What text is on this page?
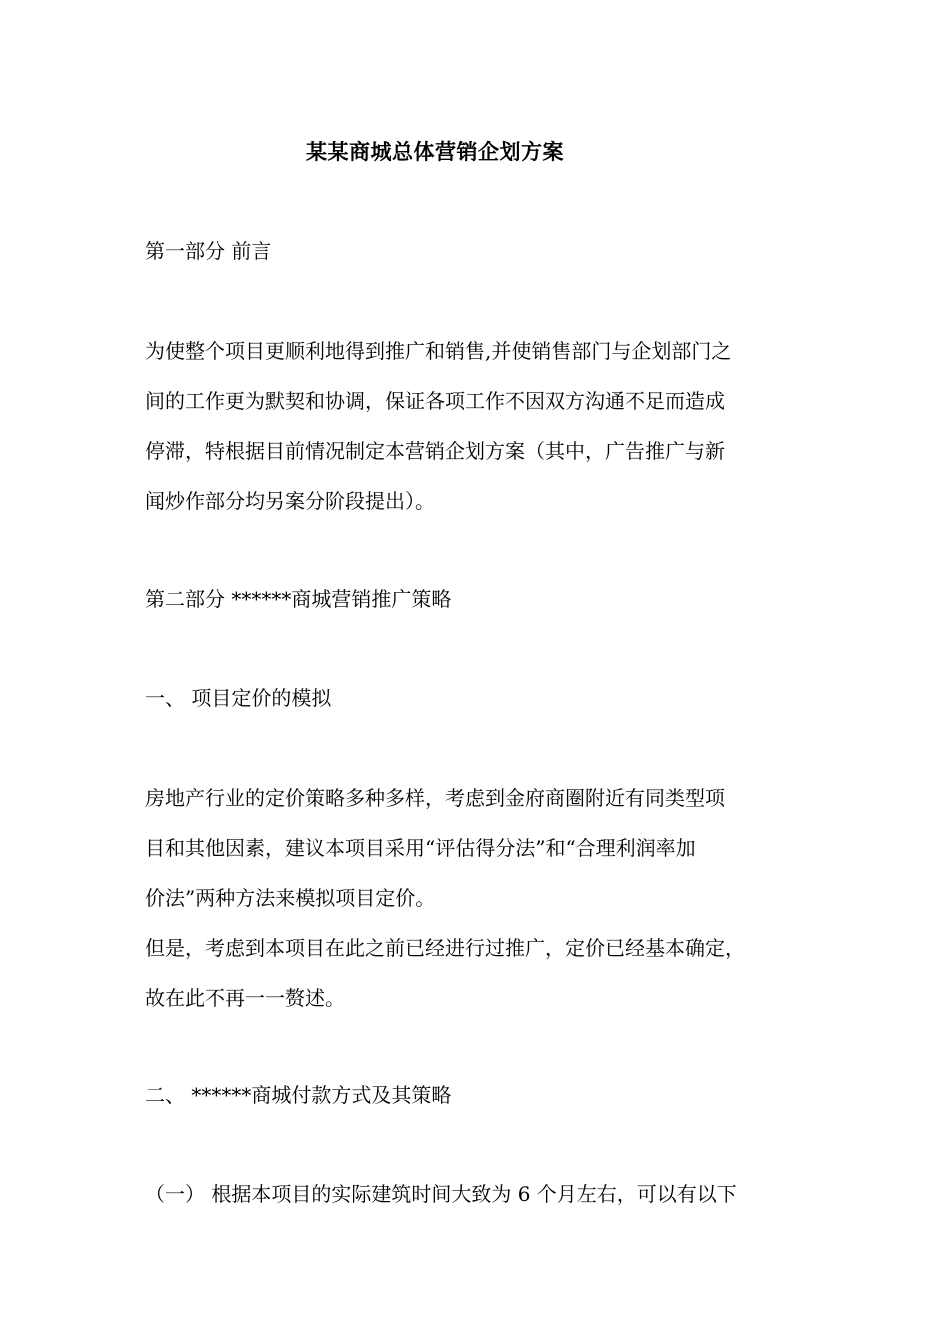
某某商城总体营销企划方案
第一部分 前言
为使整个项目更顺利地得到推广和销售,并使销售部门与企划部门之
间的工作更为默契和协调，保证各项工作不因双方沟通不足而造成
停滞，特根据目前情况制定本营销企划方案（其中，广告推广与新
闻炒作部分均另案分阶段提出）。
第二部分 ******商城营销推广策略
一、 项目定价的模拟
房地产行业的定价策略多种多样，考虑到金府商圈附近有同类型项
目和其他因素，建议本项目采用“评估得分法”和“合理利润率加
价法”两种方法来模拟项目定价。
但是，考虑到本项目在此之前已经进行过推广，定价已经基本确定，
故在此不再一一赘述。
二、 ******商城付款方式及其策略
（一） 根据本项目的实际建筑时间大致为 6 个月左右，可以有以下
